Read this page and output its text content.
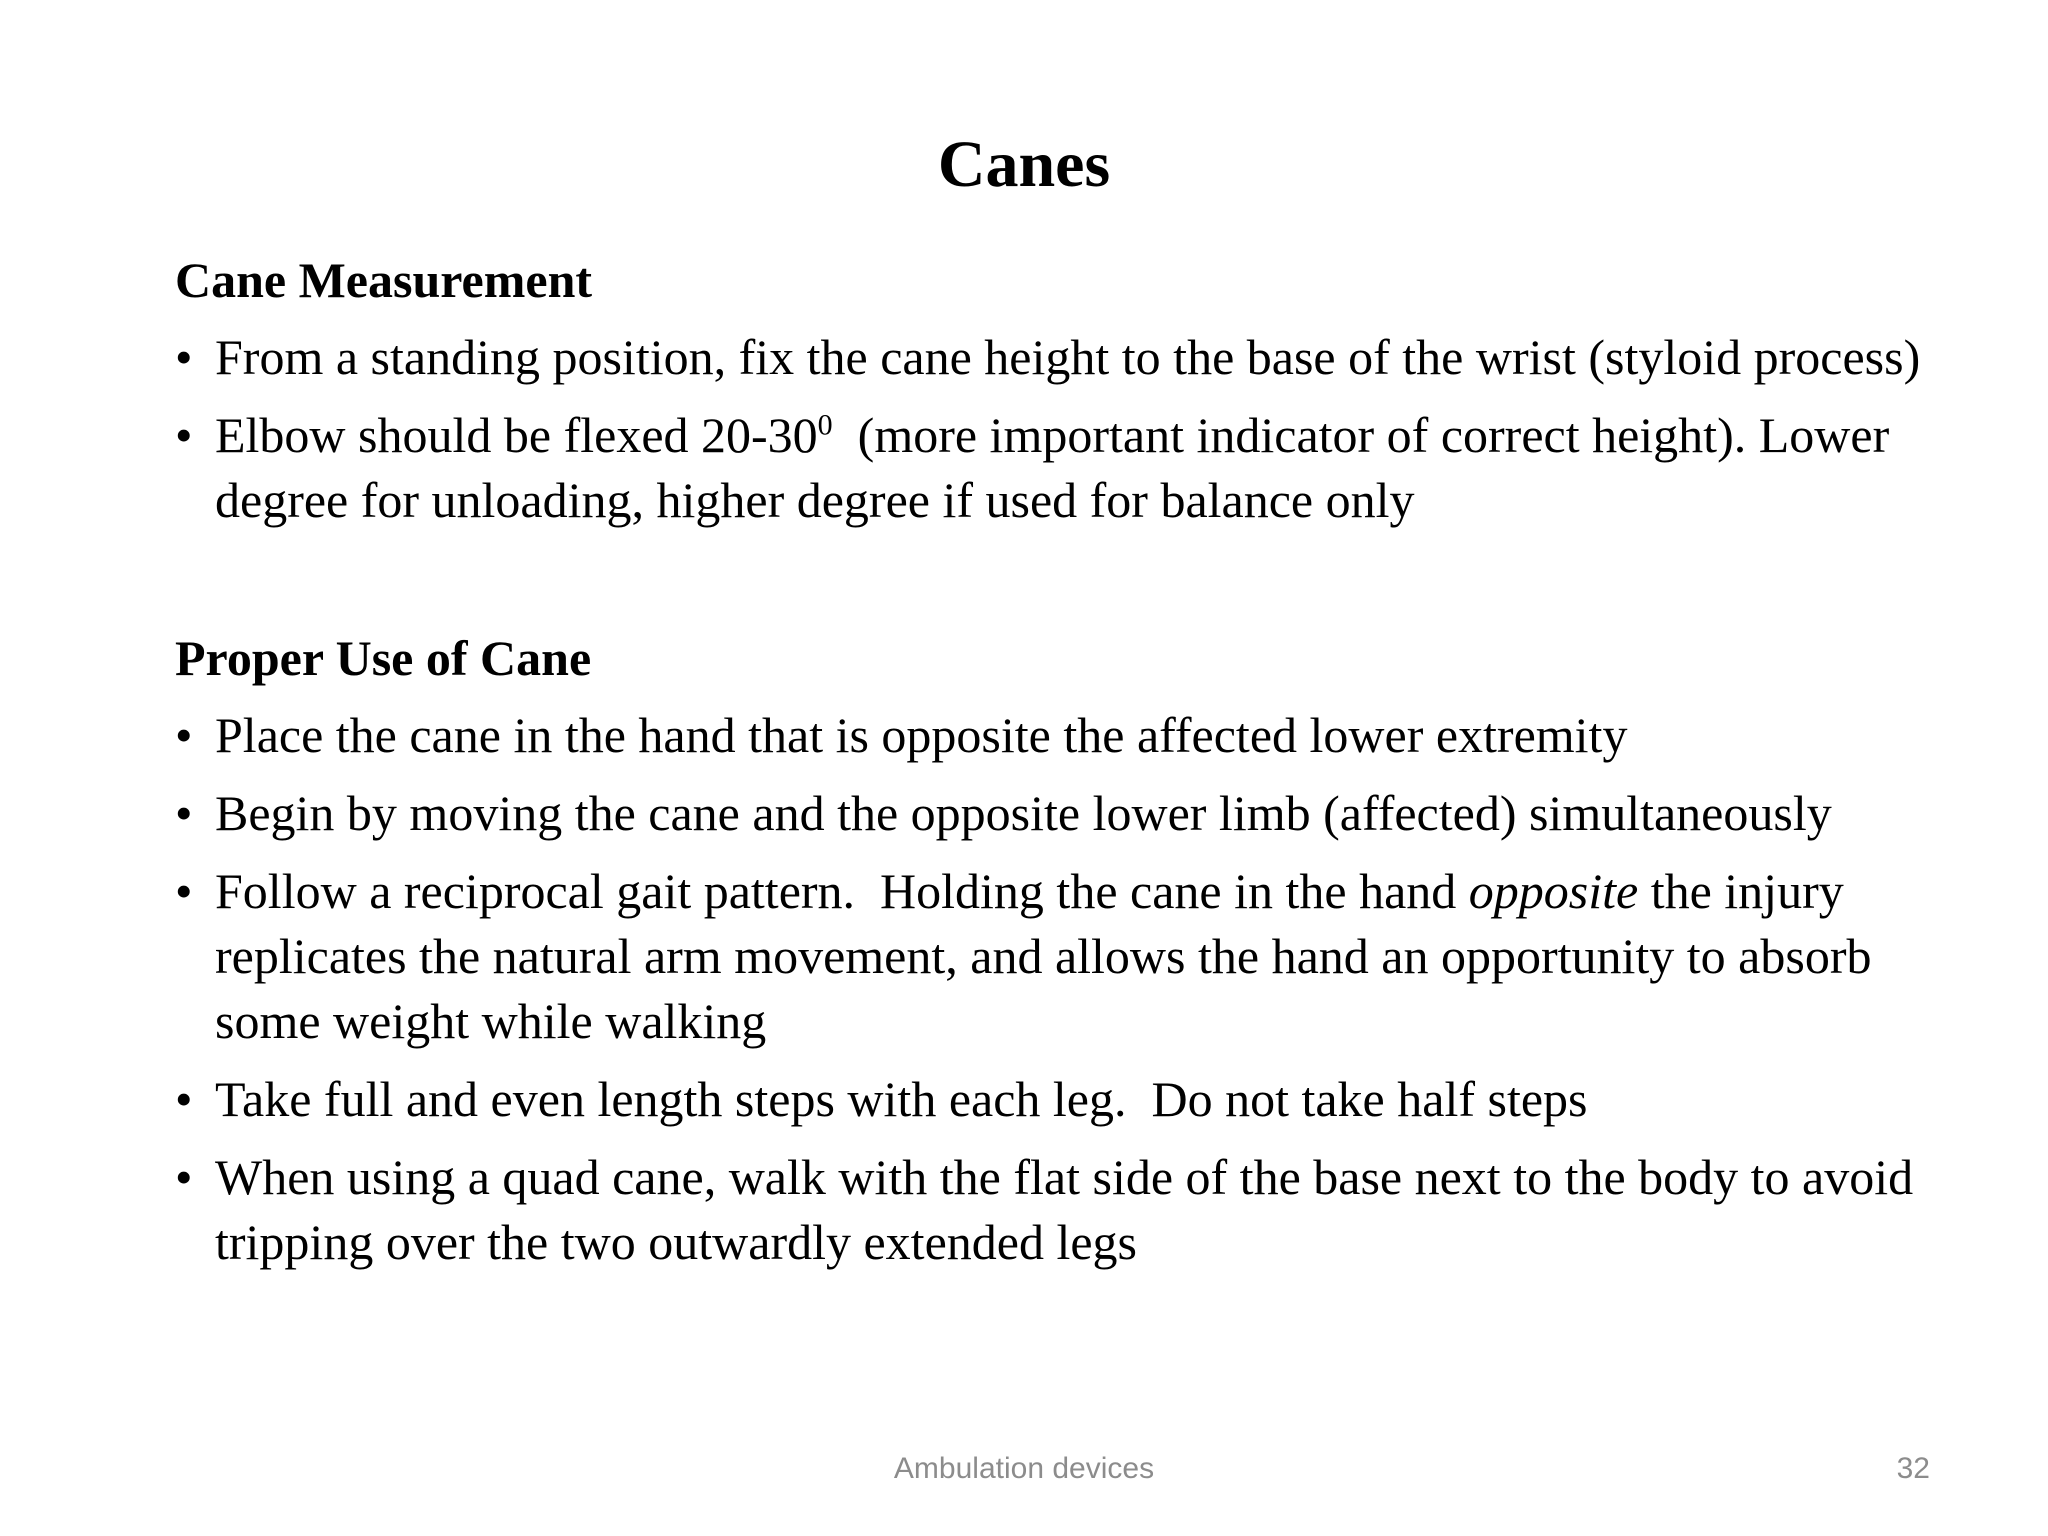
Canes
Cane Measurement
• From a standing position, fix the cane height to the base of the wrist (styloid process)
• Elbow should be flexed $20-30^0$  (more important indicator of correct height). Lower degree for unloading, higher degree if used for balance only
Proper Use of Cane
• Place the cane in the hand that is opposite the affected lower extremity
• Begin by moving the cane and the opposite lower limb (affected) simultaneously
• Follow a reciprocal gait pattern.  Holding the cane in the hand opposite the injury replicates the natural arm movement, and allows the hand an opportunity to absorb some weight while walking
• Take full and even length steps with each leg.  Do not take half steps
• When using a quad cane, walk with the flat side of the base next to the body to avoid tripping over the two outwardly extended legs
Ambulation devices	32
